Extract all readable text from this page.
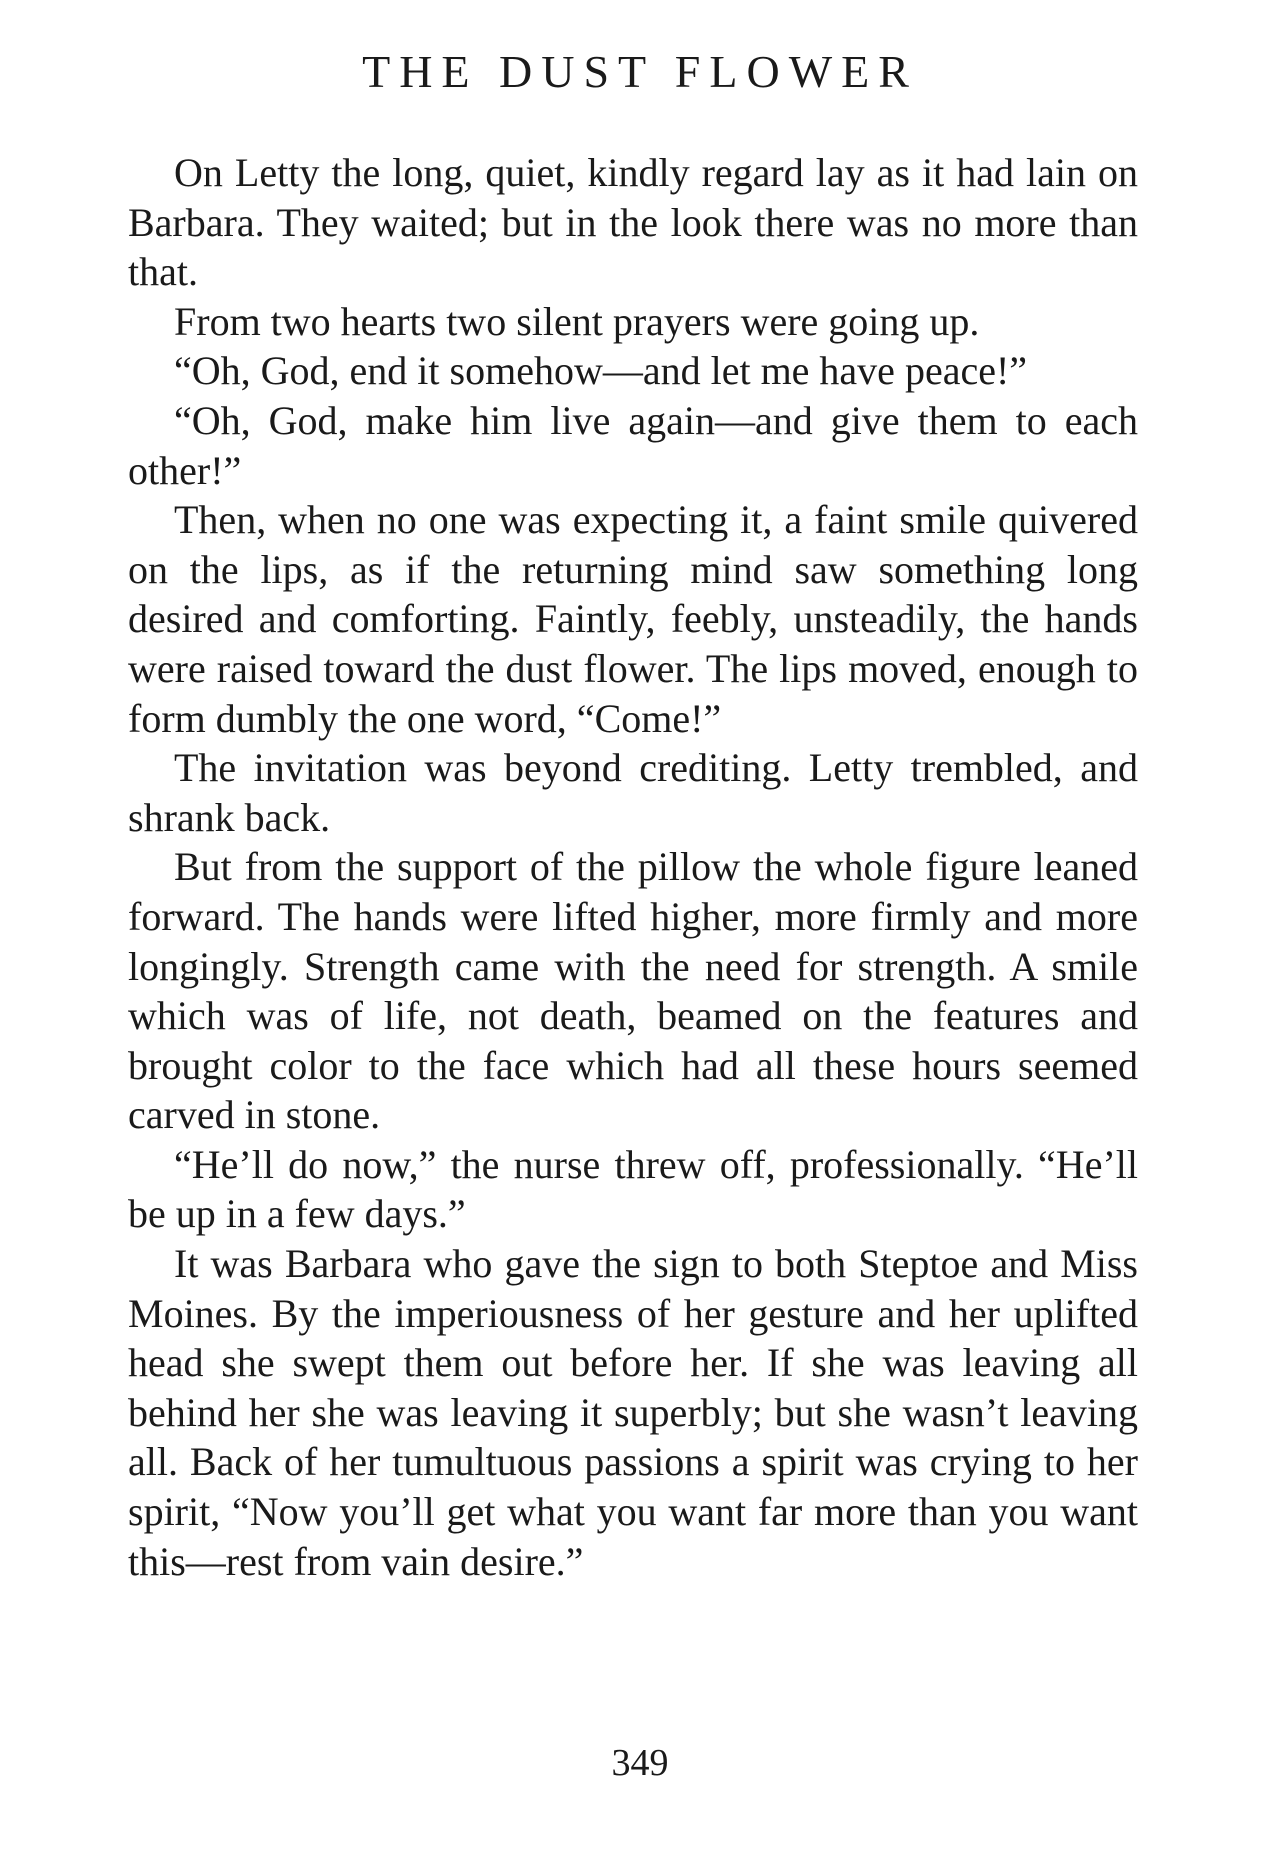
THE DUST FLOWER

On Letty the long, quiet, kindly regard lay as it had lain on Barbara. They waited; but in the look there was no more than that.

From two hearts two silent prayers were going up.

“Oh, God, end it somehow—and let me have peace!”

“Oh, God, make him live again—and give them to each other!”

Then, when no one was expecting it, a faint smile quivered on the lips, as if the returning mind saw something long desired and comforting. Faintly, feebly, unsteadily, the hands were raised toward the dust flower. The lips moved, enough to form dumbly the one word, “Come!”

The invitation was beyond crediting. Letty trembled, and shrank back.

But from the support of the pillow the whole figure leaned forward. The hands were lifted higher, more firmly and more longingly. Strength came with the need for strength. A smile which was of life, not death, beamed on the features and brought color to the face which had all these hours seemed carved in stone.

“He’ll do now,” the nurse threw off, professionally. “He’ll be up in a few days.”

It was Barbara who gave the sign to both Steptoe and Miss Moines. By the imperiousness of her gesture and her uplifted head she swept them out before her. If she was leaving all behind her she was leaving it superbly; but she wasn’t leaving all. Back of her tumultuous passions a spirit was crying to her spirit, “Now you’ll get what you want far more than you want this—rest from vain desire.”

349
